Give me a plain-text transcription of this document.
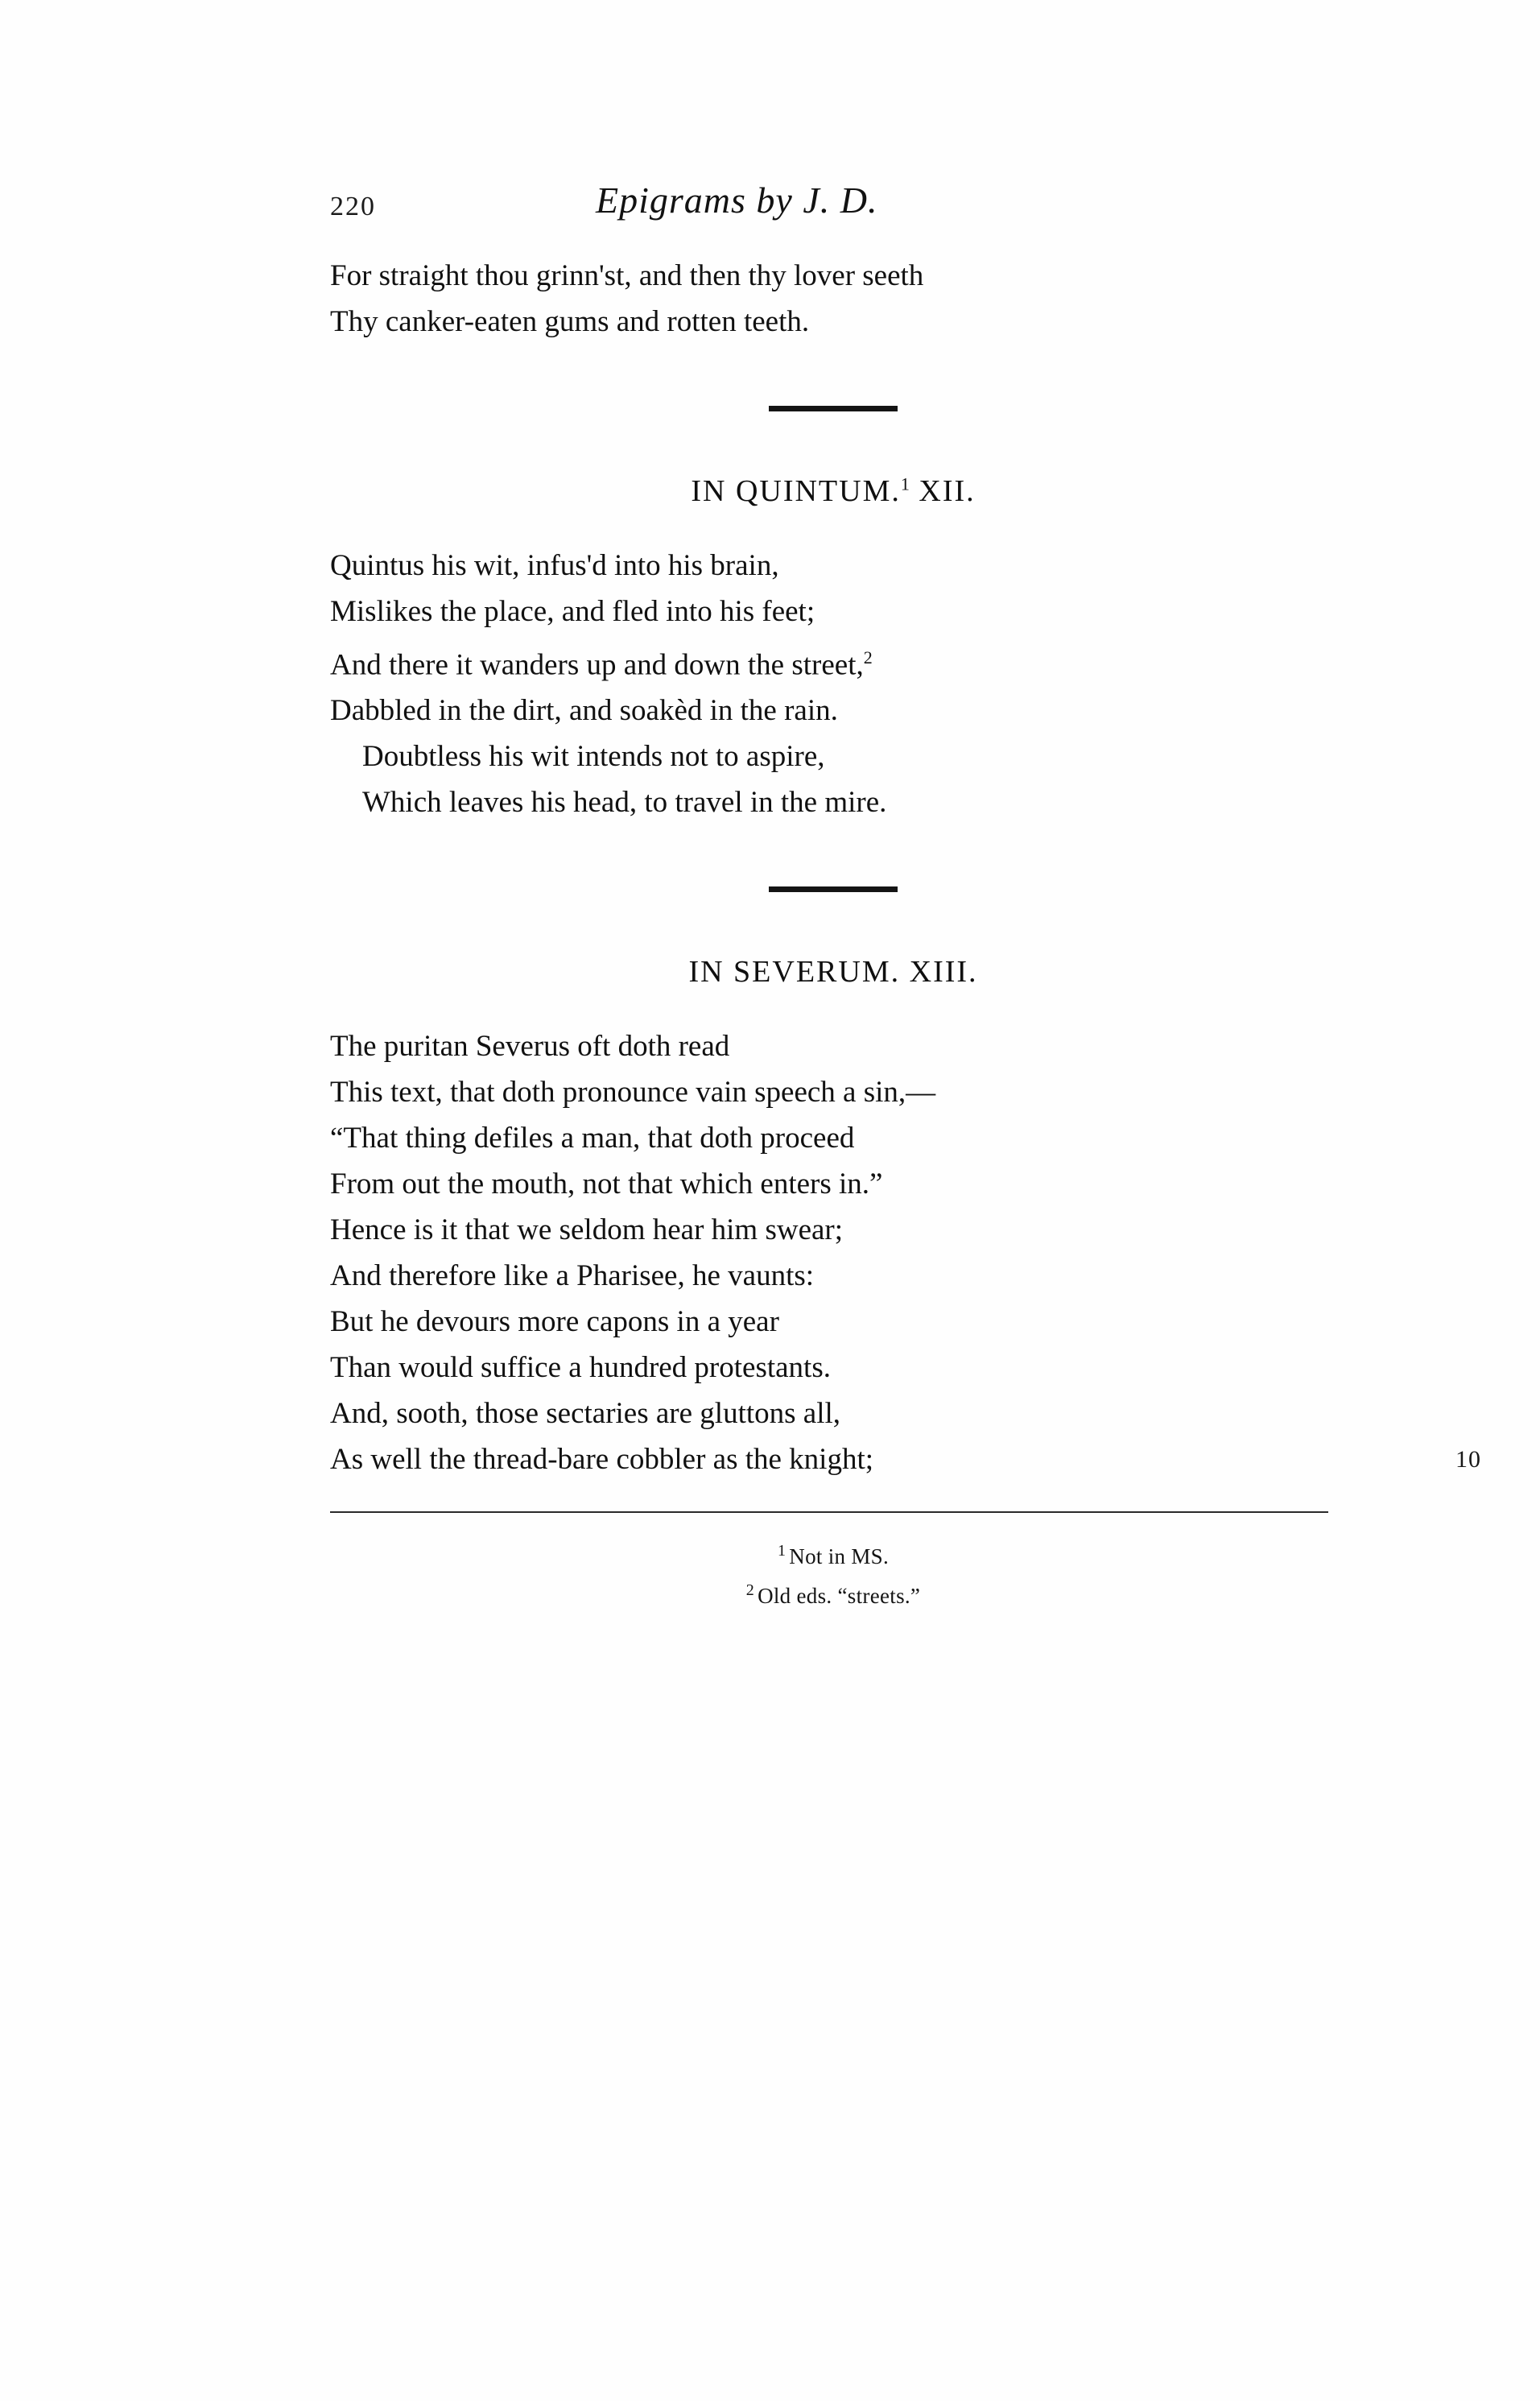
220	Epigrams by J. D.
For straight thou grinn'st, and then thy lover seeth
Thy canker-eaten gums and rotten teeth.
IN QUINTUM.$^1$ XII.
Quintus his wit, infus'd into his brain,
Mislikes the place, and fled into his feet;
And there it wanders up and down the street,$^2$
Dabbled in the dirt, and soakèd in the rain.
Doubtless his wit intends not to aspire,
Which leaves his head, to travel in the mire.
IN SEVERUM. XIII.
The puritan Severus oft doth read
This text, that doth pronounce vain speech a sin,—
“That thing defiles a man, that doth proceed
From out the mouth, not that which enters in.”
Hence is it that we seldom hear him swear;
And therefore like a Pharisee, he vaunts:
But he devours more capons in a year
Than would suffice a hundred protestants.
And, sooth, those sectaries are gluttons all,
As well the thread-bare cobbler as the knight;	10
$^1$ Not in MS.
$^2$ Old eds. “streets.”
